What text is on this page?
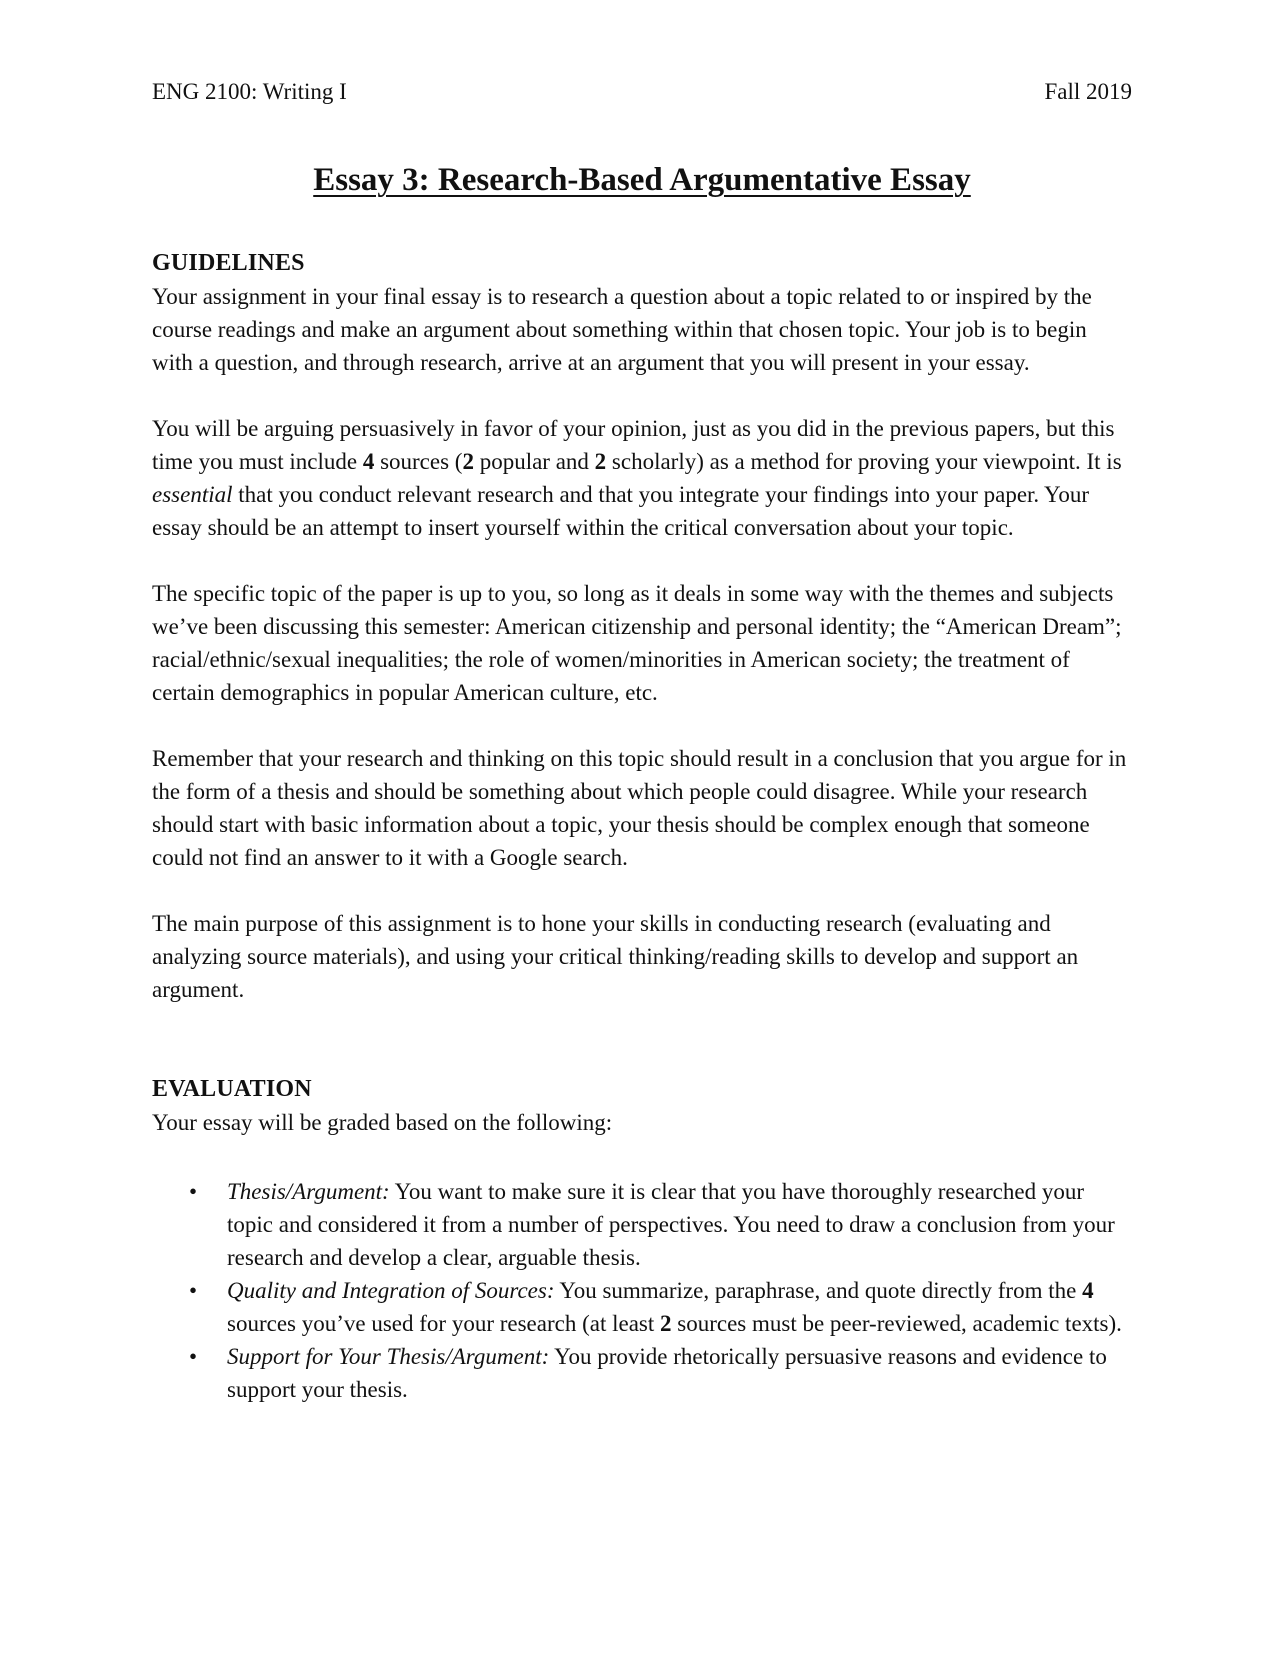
ENG 2100: Writing I	Fall 2019
Essay 3: Research-Based Argumentative Essay
GUIDELINES

Your assignment in your final essay is to research a question about a topic related to or inspired by the course readings and make an argument about something within that chosen topic. Your job is to begin with a question, and through research, arrive at an argument that you will present in your essay.

You will be arguing persuasively in favor of your opinion, just as you did in the previous papers, but this time you must include 4 sources (2 popular and 2 scholarly) as a method for proving your viewpoint. It is essential that you conduct relevant research and that you integrate your findings into your paper. Your essay should be an attempt to insert yourself within the critical conversation about your topic.

The specific topic of the paper is up to you, so long as it deals in some way with the themes and subjects we’ve been discussing this semester: American citizenship and personal identity; the “American Dream”; racial/ethnic/sexual inequalities; the role of women/minorities in American society; the treatment of certain demographics in popular American culture, etc.

Remember that your research and thinking on this topic should result in a conclusion that you argue for in the form of a thesis and should be something about which people could disagree. While your research should start with basic information about a topic, your thesis should be complex enough that someone could not find an answer to it with a Google search.

The main purpose of this assignment is to hone your skills in conducting research (evaluating and analyzing source materials), and using your critical thinking/reading skills to develop and support an argument.

EVALUATION

Your essay will be graded based on the following:

• Thesis/Argument: You want to make sure it is clear that you have thoroughly researched your topic and considered it from a number of perspectives. You need to draw a conclusion from your research and develop a clear, arguable thesis.
• Quality and Integration of Sources: You summarize, paraphrase, and quote directly from the 4 sources you’ve used for your research (at least 2 sources must be peer-reviewed, academic texts).
• Support for Your Thesis/Argument: You provide rhetorically persuasive reasons and evidence to support your thesis.
